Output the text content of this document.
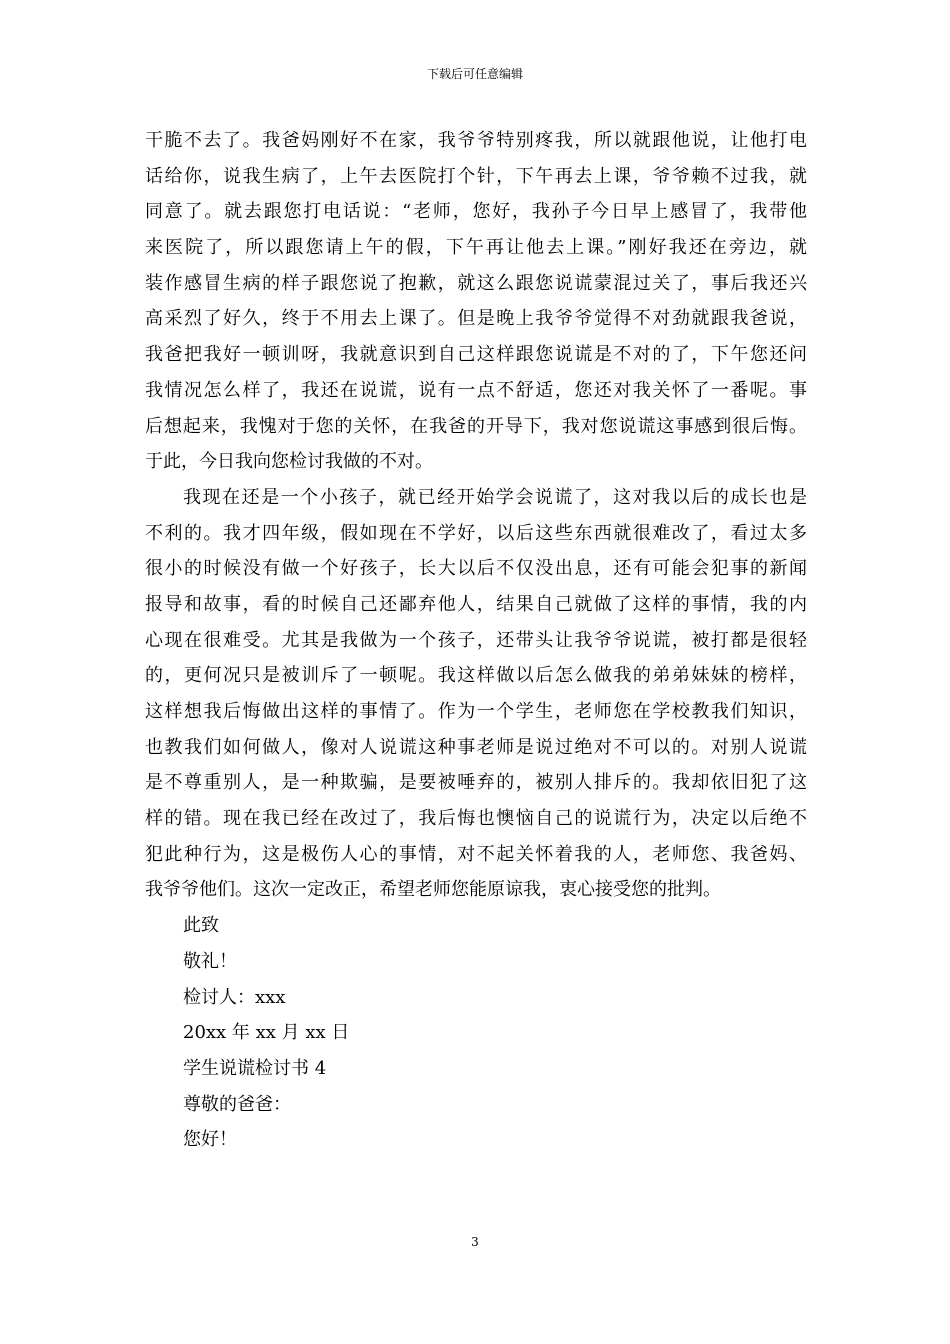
下载后可任意编辑
干脆不去了。我爸妈刚好不在家，我爷爷特别疼我，所以就跟他说，让他打电
话给你，说我生病了，上午去医院打个针，下午再去上课，爷爷赖不过我，就
同意了。就去跟您打电话说：“老师，您好，我孙子今日早上感冒了，我带他
来医院了，所以跟您请上午的假，下午再让他去上课。”刚好我还在旁边，就
装作感冒生病的样子跟您说了抱歉，就这么跟您说谎蒙混过关了，事后我还兴
高采烈了好久，终于不用去上课了。但是晚上我爷爷觉得不对劲就跟我爸说，
我爸把我好一顿训呀，我就意识到自己这样跟您说谎是不对的了，下午您还问
我情况怎么样了，我还在说谎，说有一点不舒适，您还对我关怀了一番呢。事
后想起来，我愧对于您的关怀，在我爸的开导下，我对您说谎这事感到很后悔。
于此，今日我向您检讨我做的不对。
我现在还是一个小孩子，就已经开始学会说谎了，这对我以后的成长也是
不利的。我才四年级，假如现在不学好，以后这些东西就很难改了，看过太多
很小的时候没有做一个好孩子，长大以后不仅没出息，还有可能会犯事的新闻
报导和故事，看的时候自己还鄙弃他人，结果自己就做了这样的事情，我的内
心现在很难受。尤其是我做为一个孩子，还带头让我爷爷说谎，被打都是很轻
的，更何况只是被训斥了一顿呢。我这样做以后怎么做我的弟弟妹妹的榜样，
这样想我后悔做出这样的事情了。作为一个学生，老师您在学校教我们知识，
也教我们如何做人，像对人说谎这种事老师是说过绝对不可以的。对别人说谎
是不尊重别人，是一种欺骗，是要被唾弃的，被别人排斥的。我却依旧犯了这
样的错。现在我已经在改过了，我后悔也懊恼自己的说谎行为，决定以后绝不
犯此种行为，这是极伤人心的事情，对不起关怀着我的人，老师您、我爸妈、
我爷爷他们。这次一定改正，希望老师您能原谅我，衷心接受您的批判。
此致
敬礼！
检讨人：xxx
20xx 年 xx 月 xx 日
学生说谎检讨书 4
尊敬的爸爸：
您好！
3
